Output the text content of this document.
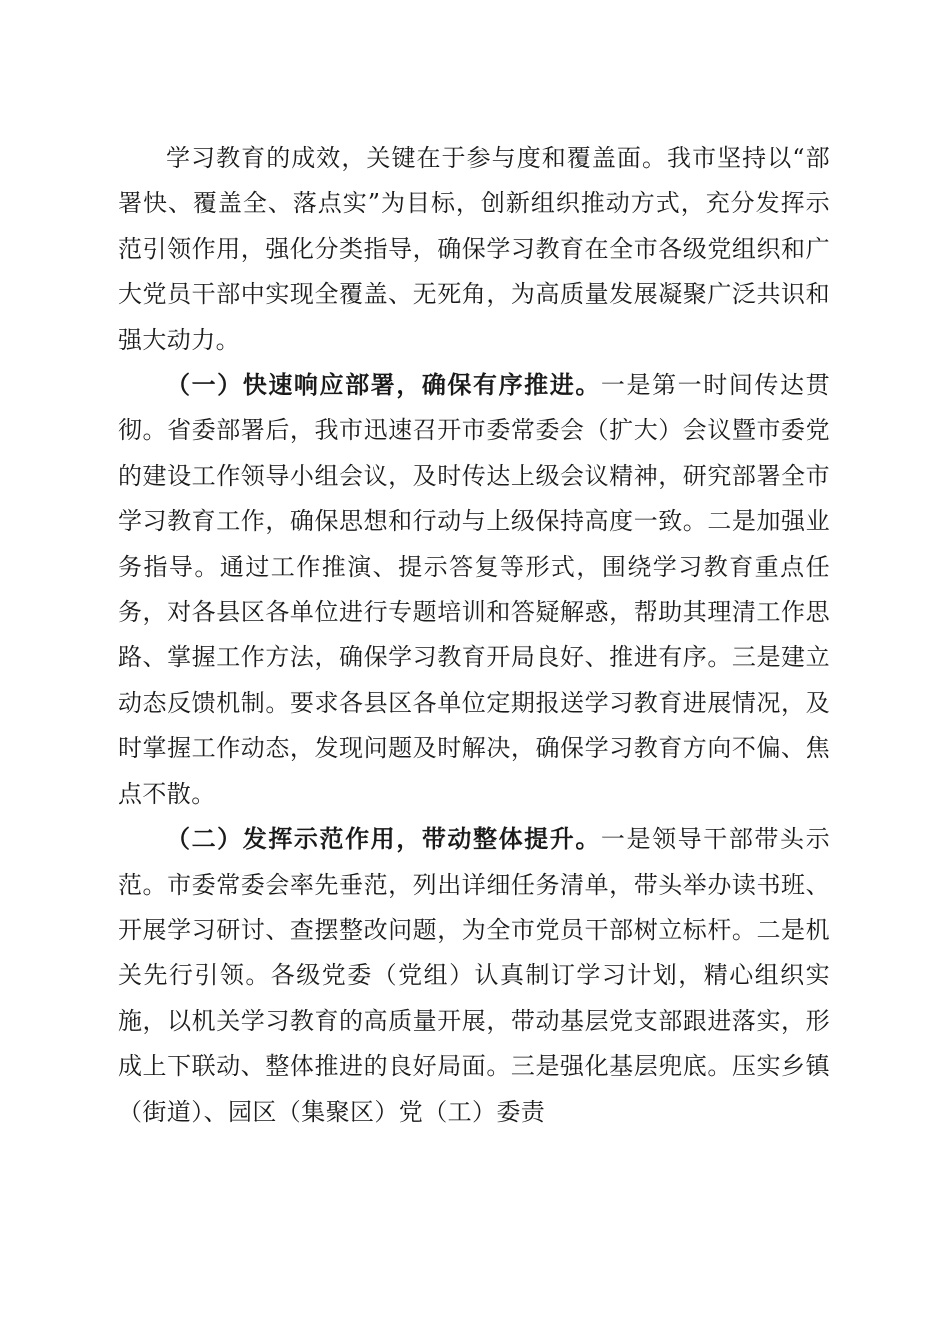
学习教育的成效，关键在于参与度和覆盖面。我市坚持以“部署快、覆盖全、落点实”为目标，创新组织推动方式，充分发挥示范引领作用，强化分类指导，确保学习教育在全市各级党组织和广大党员干部中实现全覆盖、无死角，为高质量发展凝聚广泛共识和强大动力。

（一）快速响应部署，确保有序推进。一是第一时间传达贯彻。省委部署后，我市迅速召开市委常委会（扩大）会议暨市委党的建设工作领导小组会议，及时传达上级会议精神，研究部署全市学习教育工作，确保思想和行动与上级保持高度一致。二是加强业务指导。通过工作推演、提示答复等形式，围绕学习教育重点任务，对各县区各单位进行专题培训和答疑解惑，帮助其理清工作思路、掌握工作方法，确保学习教育开局良好、推进有序。三是建立动态反馈机制。要求各县区各单位定期报送学习教育进展情况，及时掌握工作动态，发现问题及时解决，确保学习教育方向不偏、焦点不散。

（二）发挥示范作用，带动整体提升。一是领导干部带头示范。市委常委会率先垂范，列出详细任务清单，带头举办读书班、开展学习研讨、查摆整改问题，为全市党员干部树立标杆。二是机关先行引领。各级党委（党组）认真制订学习计划，精心组织实施，以机关学习教育的高质量开展，带动基层党支部跟进落实，形成上下联动、整体推进的良好局面。三是强化基层兜底。压实乡镇（街道）、园区（集聚区）党（工）委责
